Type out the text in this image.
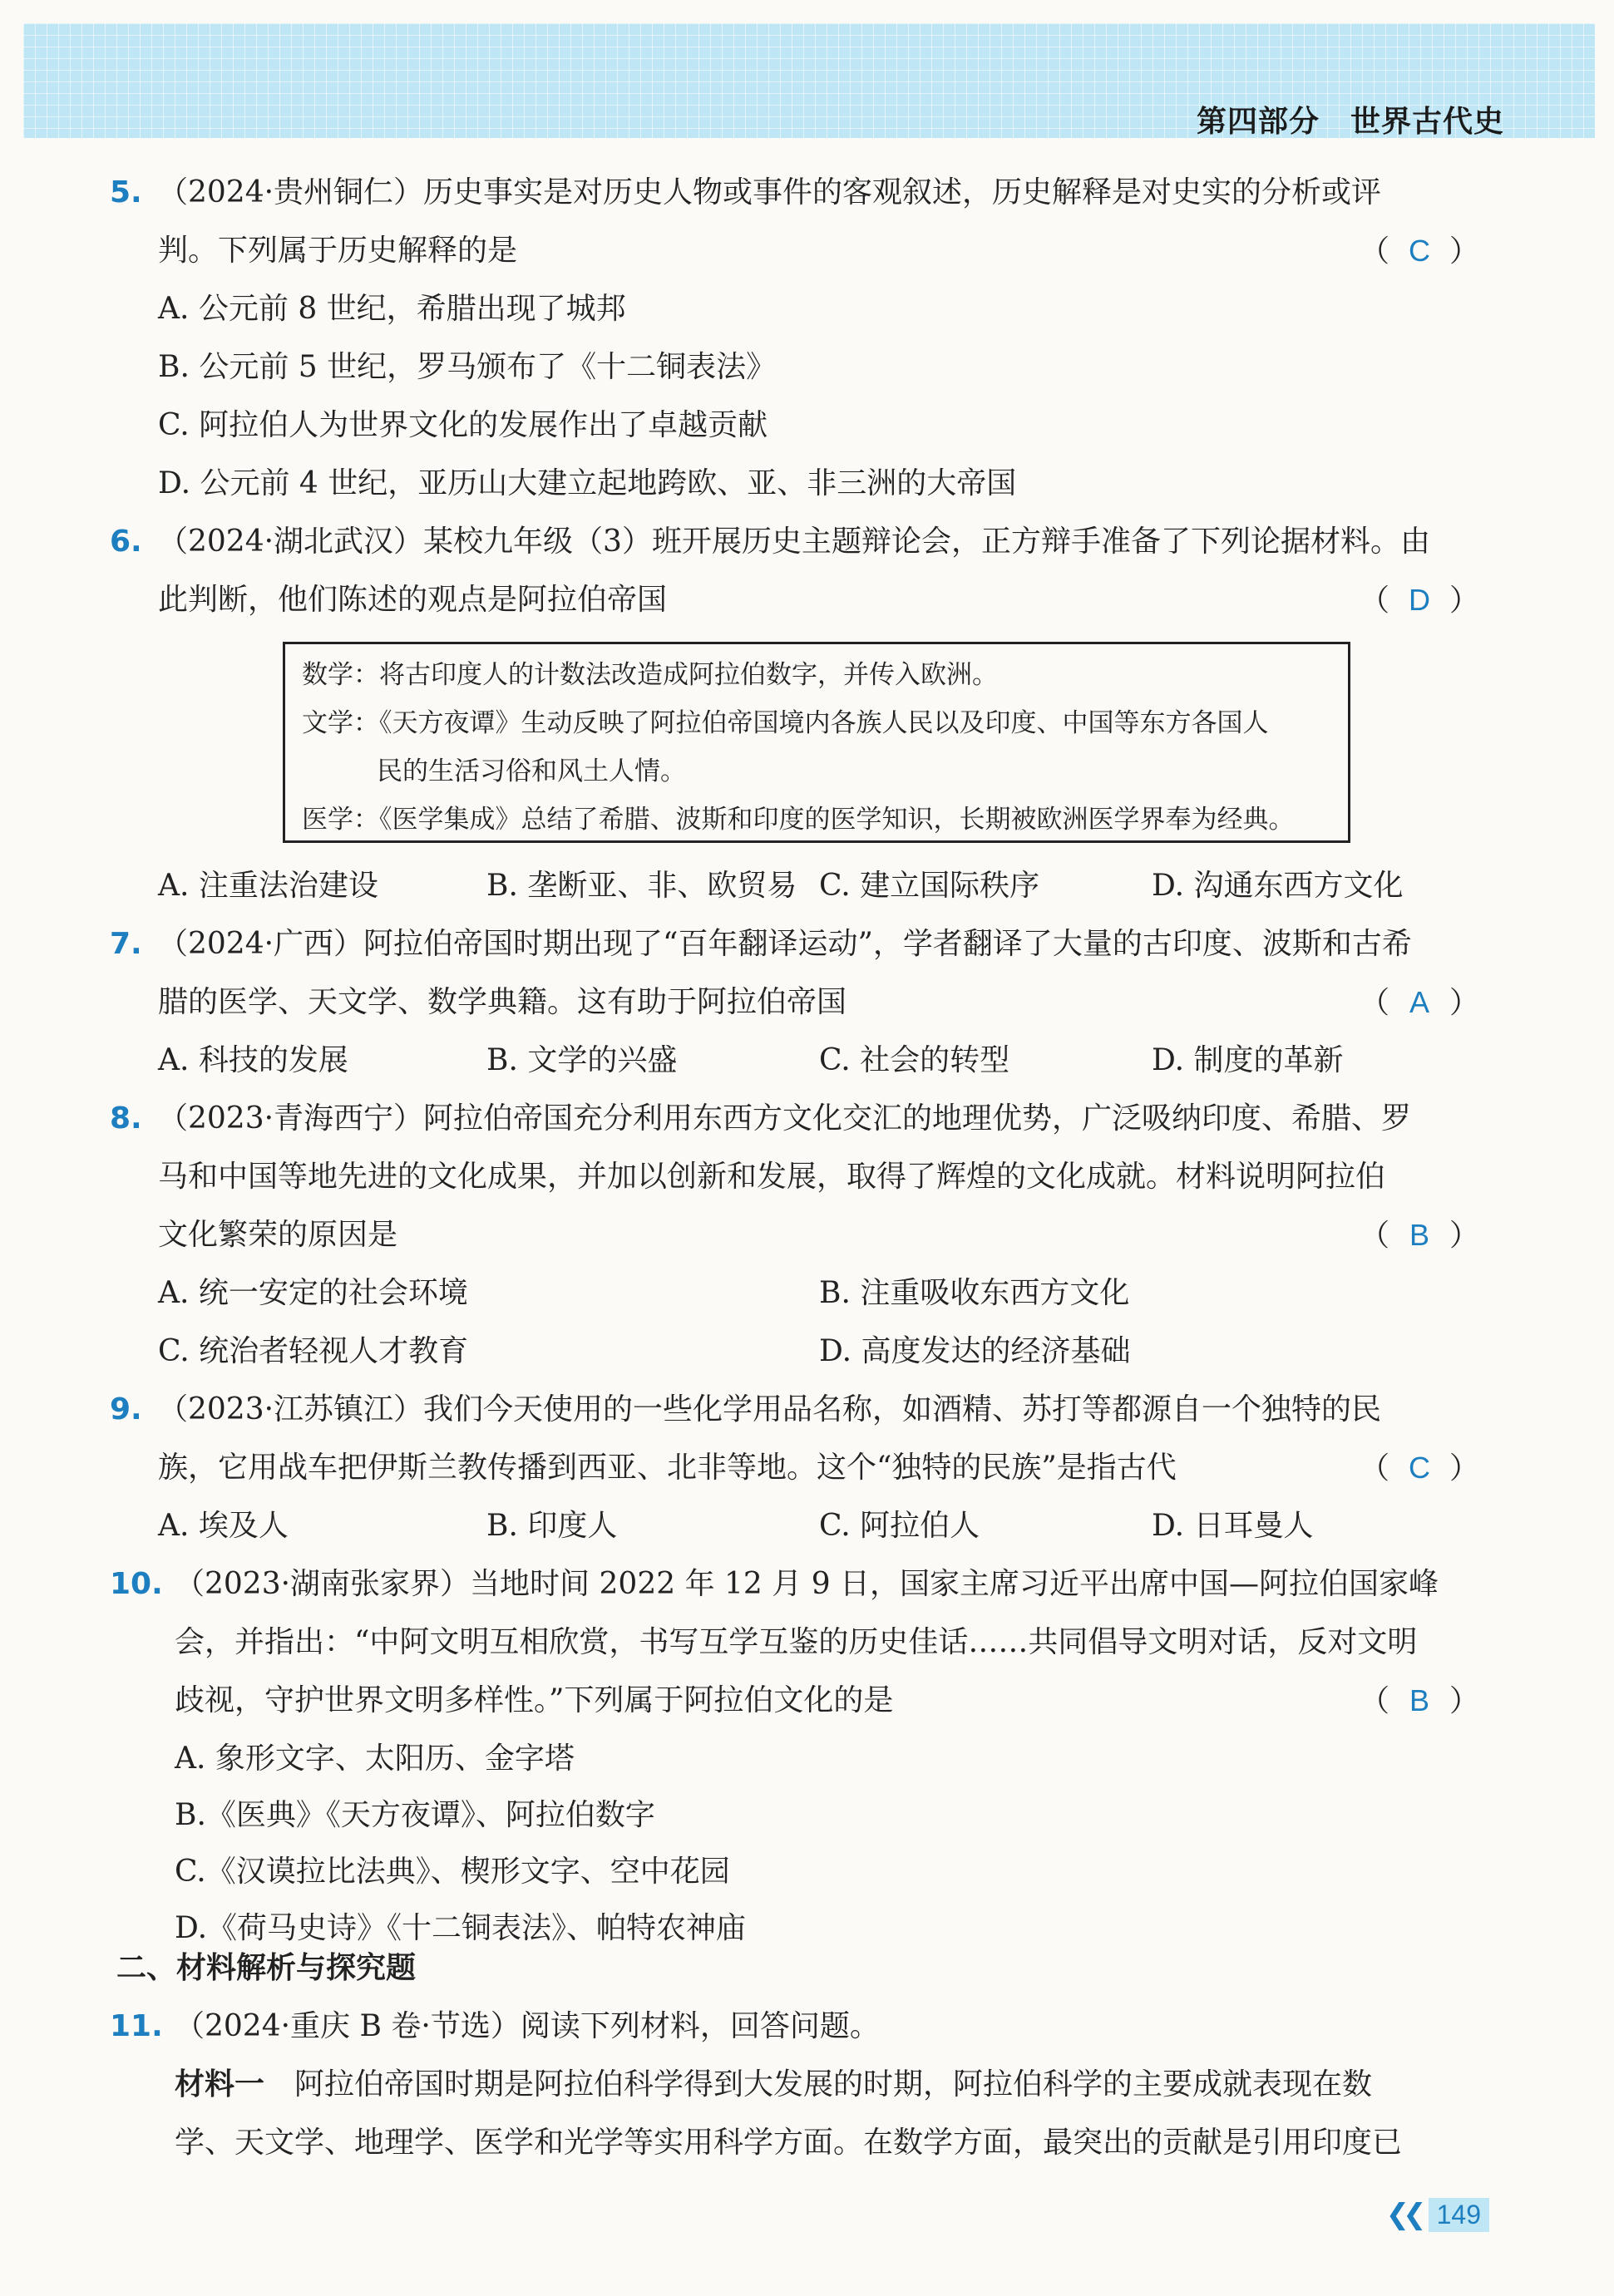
第四部分　世界古代史
5. （2024·贵州铜仁）历史事实是对历史人物或事件的客观叙述，历史解释是对史实的分析或评
判。下列属于历史解释的是	（ C ）
A. 公元前 8 世纪，希腊出现了城邦
B. 公元前 5 世纪，罗马颁布了《十二铜表法》
C. 阿拉伯人为世界文化的发展作出了卓越贡献
D. 公元前 4 世纪，亚历山大建立起地跨欧、亚、非三洲的大帝国
6. （2024·湖北武汉）某校九年级（3）班开展历史主题辩论会，正方辩手准备了下列论据材料。由
此判断，他们陈述的观点是阿拉伯帝国	（ D ）
数学：将古印度人的计数法改造成阿拉伯数字，并传入欧洲。
文学：《天方夜谭》生动反映了阿拉伯帝国境内各族人民以及印度、中国等东方各国人
民的生活习俗和风土人情。
医学：《医学集成》总结了希腊、波斯和印度的医学知识，长期被欧洲医学界奉为经典。
A. 注重法治建设	B. 垄断亚、非、欧贸易 C. 建立国际秩序	D. 沟通东西方文化
7. （2024·广西）阿拉伯帝国时期出现了“百年翻译运动”，学者翻译了大量的古印度、波斯和古希
腊的医学、天文学、数学典籍。这有助于阿拉伯帝国	（ A ）
A. 科技的发展	B. 文学的兴盛	C. 社会的转型	D. 制度的革新
8. （2023·青海西宁）阿拉伯帝国充分利用东西方文化交汇的地理优势，广泛吸纳印度、希腊、罗
马和中国等地先进的文化成果，并加以创新和发展，取得了辉煌的文化成就。材料说明阿拉伯
文化繁荣的原因是	（ B ）
A. 统一安定的社会环境	B. 注重吸收东西方文化
C. 统治者轻视人才教育	D. 高度发达的经济基础
9. （2023·江苏镇江）我们今天使用的一些化学用品名称，如酒精、苏打等都源自一个独特的民
族，它用战车把伊斯兰教传播到西亚、北非等地。这个“独特的民族”是指古代	（ C ）
A. 埃及人	B. 印度人	C. 阿拉伯人	D. 日耳曼人
10. （2023·湖南张家界）当地时间 2022 年 12 月 9 日，国家主席习近平出席中国—阿拉伯国家峰
会，并指出：“中阿文明互相欣赏，书写互学互鉴的历史佳话……共同倡导文明对话，反对文明
歧视，守护世界文明多样性。”下列属于阿拉伯文化的是	（ B ）
A. 象形文字、太阳历、金字塔
B.《医典》《天方夜谭》、阿拉伯数字
C.《汉谟拉比法典》、楔形文字、空中花园
D.《荷马史诗》《十二铜表法》、帕特农神庙
二、材料解析与探究题
11. （2024·重庆 B 卷·节选）阅读下列材料，回答问题。
材料一　 阿拉伯帝国时期是阿拉伯科学得到大发展的时期，阿拉伯科学的主要成就表现在数
学、天文学、地理学、医学和光学等实用科学方面。在数学方面，最突出的贡献是引用印度已
❮❮ 149
